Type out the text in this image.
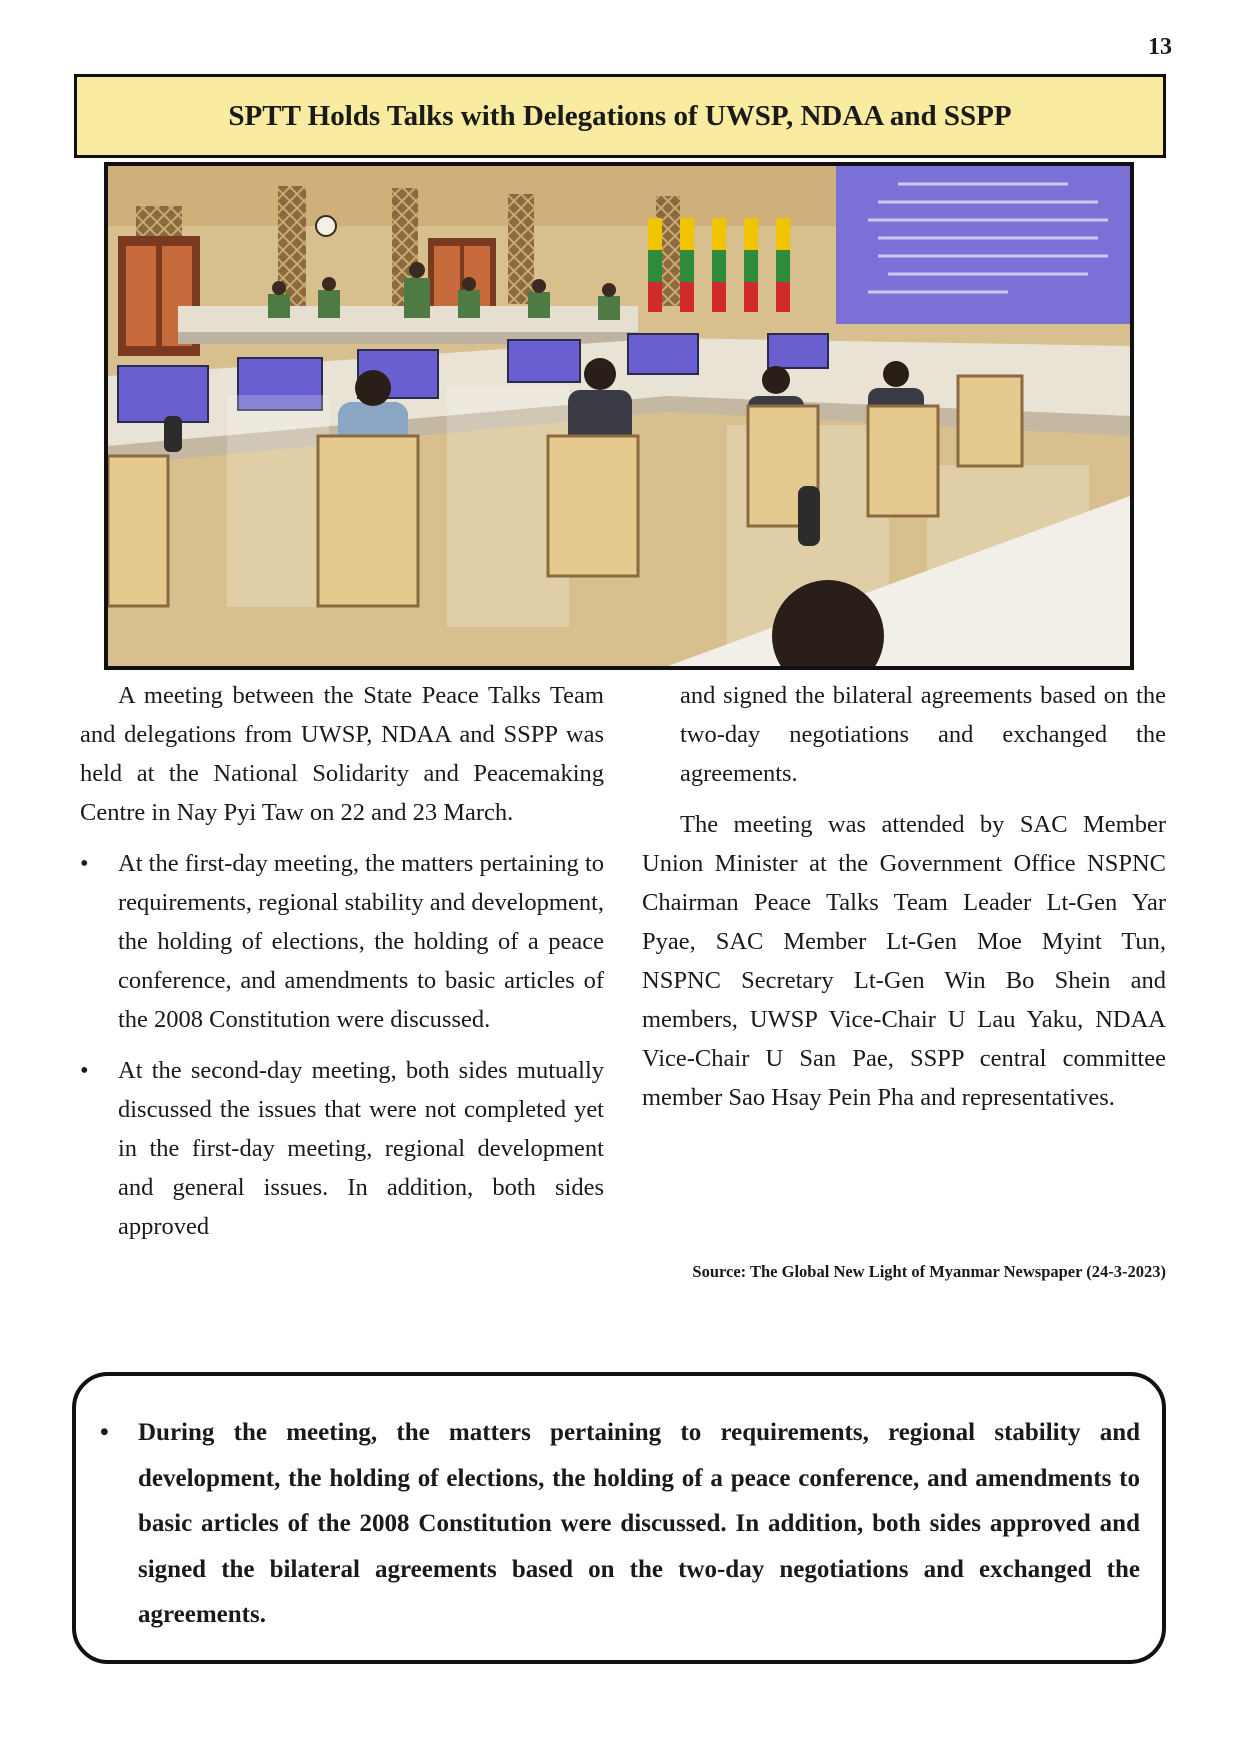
13
SPTT Holds Talks with Delegations of UWSP, NDAA and SSPP

A meeting between the State Peace Talks Team and delegations from UWSP, NDAA and SSPP was held at the National Solidarity and Peacemaking Centre in Nay Pyi Taw on 22 and 23 March.

• At the first-day meeting, the matters pertaining to requirements, regional stability and development, the holding of elections, the holding of a peace conference, and amendments to basic articles of the 2008 Constitution were discussed.
• At the second-day meeting, both sides mutually discussed the issues that were not completed yet in the first-day meeting, regional development and general issues. In addition, both sides approved

and signed the bilateral agreements based on the two-day negotiations and exchanged the agreements.

The meeting was attended by SAC Member Union Minister at the Government Office NSPNC Chairman Peace Talks Team Leader Lt-Gen Yar Pyae, SAC Member Lt-Gen Moe Myint Tun, NSPNC Secretary Lt-Gen Win Bo Shein and members, UWSP Vice-Chair U Lau Yaku, NDAA Vice-Chair U San Pae, SSPP central committee member Sao Hsay Pein Pha and representatives.

Source: The Global New Light of Myanmar Newspaper (24-3-2023)
• During the meeting, the matters pertaining to requirements, regional stability and development, the holding of elections, the holding of a peace conference, and amendments to basic articles of the 2008 Constitution were discussed. In addition, both sides approved and signed the bilateral agreements based on the two-day negotiations and exchanged the agreements.
